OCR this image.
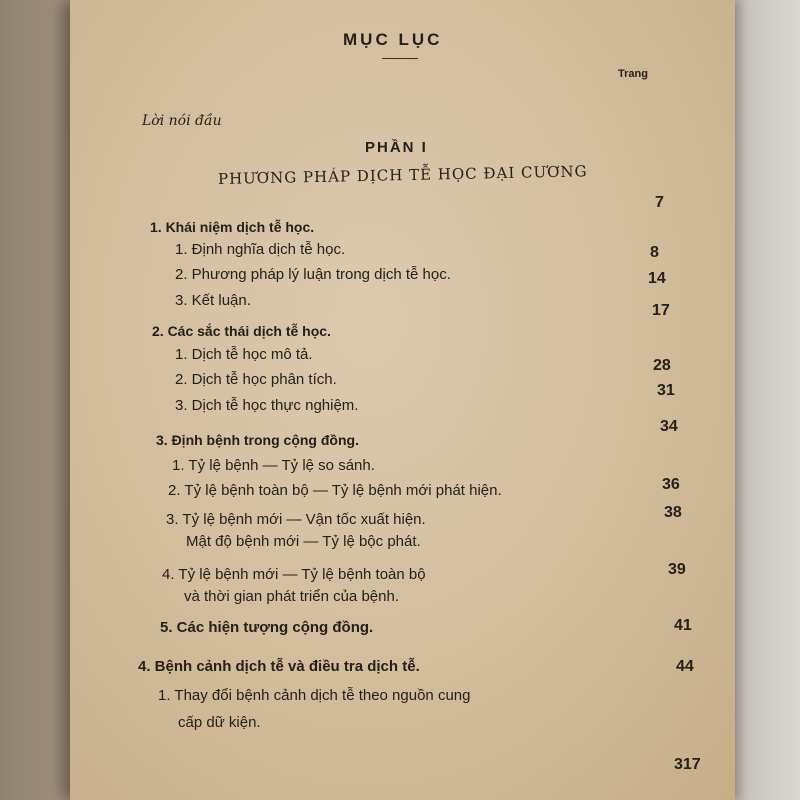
MỤC LỤC
Trang
Lời nói đầu
PHẦN I
PHƯƠNG PHÁP DỊCH TỄ HỌC ĐẠI CƯƠNG
7
1. Khái niệm dịch tễ học.
1. Định nghĩa dịch tễ học.	8
2. Phương pháp lý luận trong dịch tễ học.	14
3. Kết luận.
17
2. Các sắc thái dịch tễ học.
1. Dịch tễ học mô tả.
28
2. Dịch tễ học phân tích.
31
3. Dịch tễ học thực nghiệm.
34
3. Định bệnh trong cộng đồng.
1. Tỷ lệ bệnh — Tỷ lệ so sánh.
36
2. Tỷ lệ bệnh toàn bộ — Tỷ lệ bệnh mới phát hiện.
38
3. Tỷ lệ bệnh mới — Vận tốc xuất hiện.
Mật độ bệnh mới — Tỷ lệ bộc phát.
39
4. Tỷ lệ bệnh mới — Tỷ lệ bệnh toàn bộ
và thời gian phát triển của bệnh.
41
5. Các hiện tượng cộng đồng.
44
4. Bệnh cảnh dịch tễ và điều tra dịch tễ.
1. Thay đổi bệnh cảnh dịch tễ theo nguồn cung
cấp dữ kiện.
317
